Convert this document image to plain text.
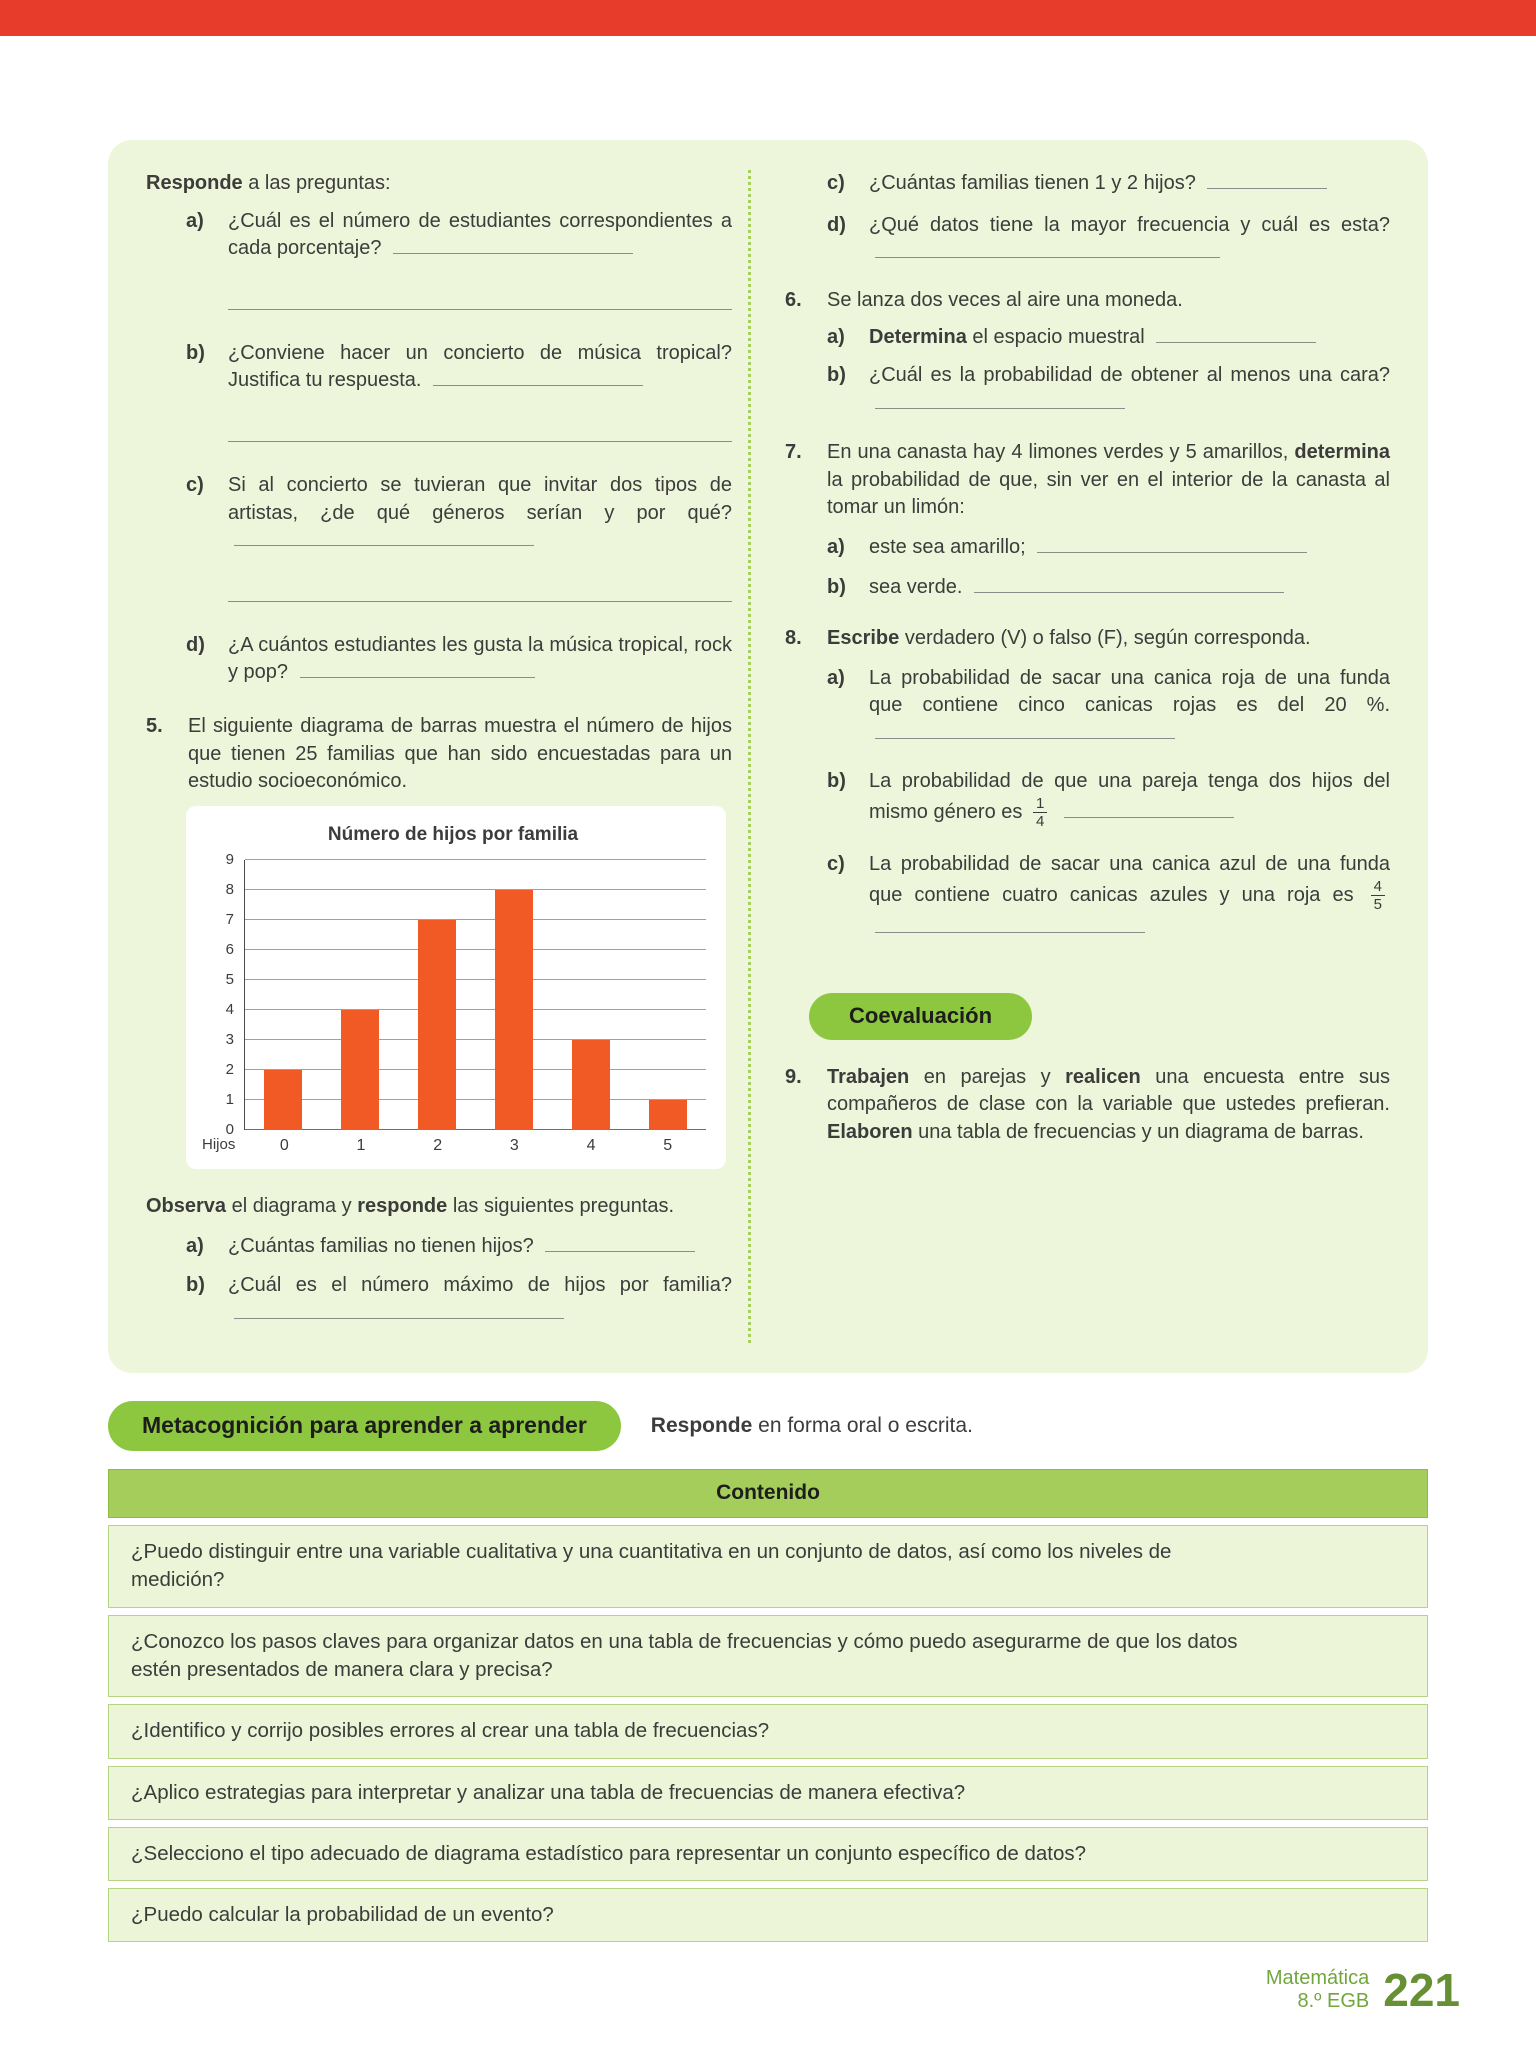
Responde a las preguntas:

a)	¿Cuál es el número de estudiantes correspondientes a cada porcentaje?
b)	¿Conviene hacer un concierto de música tropical? Justifica tu respuesta.
c)	Si al concierto se tuvieran que invitar dos tipos de artistas, ¿de qué géneros serían y por qué?
d)	¿A cuántos estudiantes les gusta la música tropical, rock y pop?
5.	El siguiente diagrama de barras muestra el número de hijos que tienen 25 familias que han sido encuestadas para un estudio socioeconómico.
Número de hijos por familia
0
1
2
3
4
5
6
7
8
9
Hijos	0	1	2	3	4	5

Observa el diagrama y responde las siguientes preguntas.

a)	¿Cuántas familias no tienen hijos?
b)	¿Cuál es el número máximo de hijos por familia?
c)	¿Cuántas familias tienen 1 y 2 hijos?
d)	¿Qué datos tiene la mayor frecuencia y cuál es esta?
6.	Se lanza dos veces al aire una moneda.

a)	Determina el espacio muestral
b)	¿Cuál es la probabilidad de obtener al menos una cara?
7.	En una canasta hay 4 limones verdes y 5 amarillos, determina la probabilidad de que, sin ver en el interior de la canasta al tomar un limón:

a)	este sea amarillo;
b)	sea verde.
8.	Escribe verdadero (V) o falso (F), según corresponda.

a)	La probabilidad de sacar una canica roja de una funda que contiene cinco canicas rojas es del 20 %.
b)	La probabilidad de que una pareja tenga dos hijos del mismo género es $\frac{1}{4}$

c)	La probabilidad de sacar una canica azul de una funda que contiene cuatro canicas azules y una roja es $\frac{4}{5}$

Coevaluación
9.	Trabajen en parejas y realicen una encuesta entre sus compañeros de clase con la variable que ustedes prefieran. Elaboren una tabla de frecuencias y un diagrama de barras.

Metacognición para aprender a aprender	Responde en forma oral o escrita.

Contenido
¿Puedo distinguir entre una variable cualitativa y una cuantitativa en un conjunto de datos, así como los niveles de medición?
¿Conozco los pasos claves para organizar datos en una tabla de frecuencias y cómo puedo asegurarme de que los datos estén presentados de manera clara y precisa?
¿Identifico y corrijo posibles errores al crear una tabla de frecuencias?
¿Aplico estrategias para interpretar y analizar una tabla de frecuencias de manera efectiva?
¿Selecciono el tipo adecuado de diagrama estadístico para representar un conjunto específico de datos?
¿Puedo calcular la probabilidad de un evento?
Matemática
8.º EGB 221
